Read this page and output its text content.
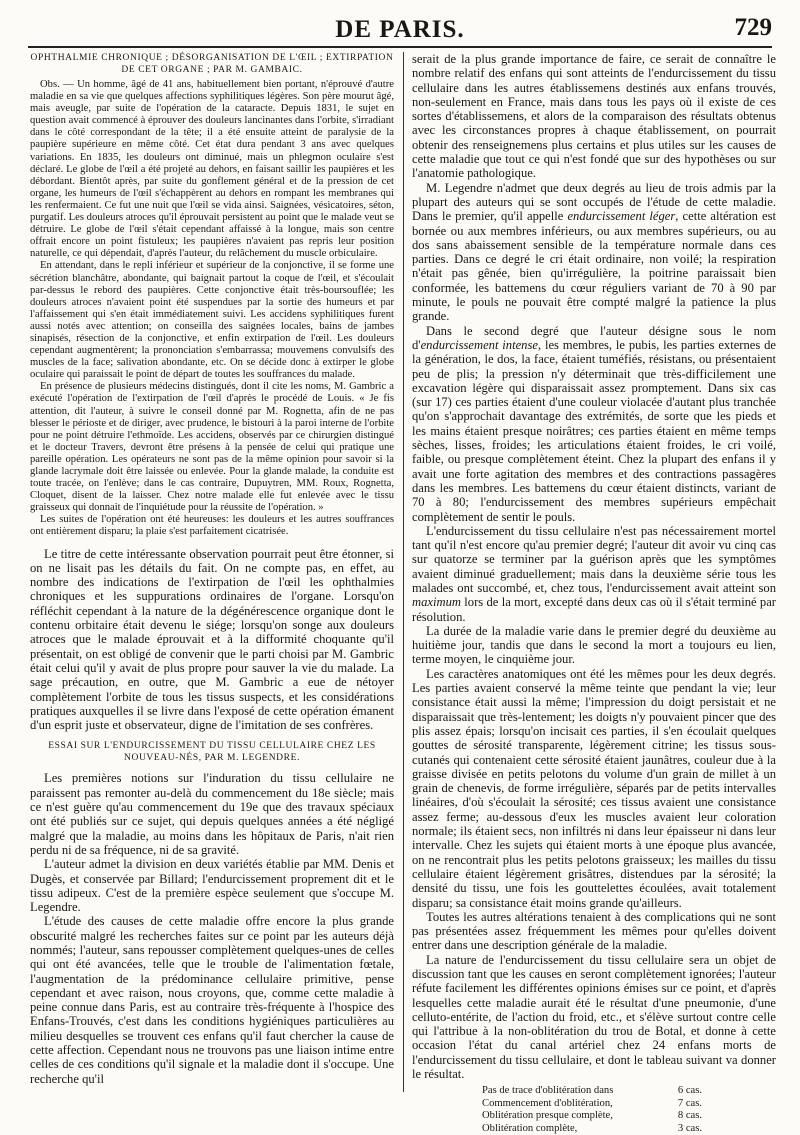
DE PARIS.	729

OPHTHALMIE CHRONIQUE ; DÉSORGANISATION DE L'ŒIL ; EXTIRPATION DE CET ORGANE ; PAR M. GAMBAIC.

Obs. — Un homme, âgé de 41 ans, habituellement bien portant, n'éprouvé d'autre maladie en sa vie que quelques affections syphilitiques légères. Son père mourut âgé, mais aveugle, par suite de l'opération de la cataracte. Depuis 1831, le sujet en question avait commencé à éprouver des douleurs lancinantes dans l'orbite, s'irradiant dans le côté correspondant de la tête; il a été ensuite atteint de paralysie de la paupière supérieure en même côté. Cet état dura pendant 3 ans avec quelques variations. En 1835, les douleurs ont diminué, mais un phlegmon oculaire s'est déclaré. Le globe de l'œil a été projeté au dehors, en faisant saillir les paupières et les débordant. Bientôt après, par suite du gonflement général et de la pression de cet organe, les humeurs de l'œil s'échappèrent au dehors en rompant les membranes qui les renfermaient. Ce fut une nuit que l'œil se vida ainsi. Saignées, vésicatoires, séton, purgatif. Les douleurs atroces qu'il éprouvait persistent au point que le malade veut se détruire. Le globe de l'œil s'était cependant affaissé à la longue, mais son centre offrait encore un point fistuleux; les paupières n'avaient pas repris leur position naturelle, ce qui dépendait, d'après l'auteur, du relâchement du muscle orbiculaire.

En attendant, dans le repli inférieur et supérieur de la conjonctive, il se forme une sécrétion blanchâtre, abondante, qui baignait partout la coque de l'œil, et s'écoulait par-dessus le rebord des paupières. Cette conjonctive était très-boursouflée; les douleurs atroces n'avaient point été suspendues par la sortie des humeurs et par l'affaissement qui s'en était immédiatement suivi. Les accidens syphilitiques furent aussi notés avec attention; on conseilla des saignées locales, bains de jambes sinapisés, résection de la conjonctive, et enfin extirpation de l'œil. Les douleurs cependant augmentèrent; la prononciation s'embarrassa; mouvemens convulsifs des muscles de la face; salivation abondante, etc. On se décide donc à extirper le globe oculaire qui paraissait le point de départ de toutes les souffrances du malade.

En présence de plusieurs médecins distingués, dont il cite les noms, M. Gambric a exécuté l'opération de l'extirpation de l'œil d'après le procédé de Louis. « Je fis attention, dit l'auteur, à suivre le conseil donné par M. Rognetta, afin de ne pas blesser le périoste et de diriger, avec prudence, le bistouri à la paroi interne de l'orbite pour ne point détruire l'ethmoïde. Les accidens, observés par ce chirurgien distingué et le docteur Travers, devront être présens à la pensée de celui qui pratique une pareille opération. Les opérateurs ne sont pas de la même opinion pour savoir si la glande lacrymale doit être laissée ou enlevée. Pour la glande malade, la conduite est toute tracée, on l'enlève; dans le cas contraire, Dupuytren, MM. Roux, Rognetta, Cloquet, disent de la laisser. Chez notre malade elle fut enlevée avec le tissu graisseux qui donnait de l'inquiétude pour la réussite de l'opération. »

Les suites de l'opération ont été heureuses: les douleurs et les autres souffrances ont entièrement disparu; la plaie s'est parfaitement cicatrisée.

Le titre de cette intéressante observation pourrait peut être étonner, si on ne lisait pas les détails du fait. On ne compte pas, en effet, au nombre des indications de l'extirpation de l'œil les ophthalmies chroniques et les suppurations ordinaires de l'organe. Lorsqu'on réfléchit cependant à la nature de la dégénérescence organique dont le contenu orbitaire était devenu le siége; lorsqu'on songe aux douleurs atroces que le malade éprouvait et à la difformité choquante qu'il présentait, on est obligé de convenir que le parti choisi par M. Gambric était celui qu'il y avait de plus propre pour sauver la vie du malade. La sage précaution, en outre, que M. Gambric a eue de nétoyer complètement l'orbite de tous les tissus suspects, et les considérations pratiques auxquelles il se livre dans l'exposé de cette opération émanent d'un esprit juste et observateur, digne de l'imitation de ses confrères.

ESSAI SUR L'ENDURCISSEMENT DU TISSU CELLULAIRE CHEZ LES NOUVEAU-NÉS, PAR M. LEGENDRE.

Les premières notions sur l'induration du tissu cellulaire ne paraissent pas remonter au-delà du commencement du 18e siècle; mais ce n'est guère qu'au commencement du 19e que des travaux spéciaux ont été publiés sur ce sujet, qui depuis quelques années a été négligé malgré que la maladie, au moins dans les hôpitaux de Paris, n'ait rien perdu ni de sa fréquence, ni de sa gravité.

L'auteur admet la division en deux variétés établie par MM. Denis et Dugès, et conservée par Billard; l'endurcissement proprement dit et le tissu adipeux. C'est de la première espèce seulement que s'occupe M. Legendre.

L'étude des causes de cette maladie offre encore la plus grande obscurité malgré les recherches faites sur ce point par les auteurs déjà nommés; l'auteur, sans repousser complètement quelques-unes de celles qui ont été avancées, telle que le trouble de l'alimentation fœtale, l'augmentation de la prédominance cellulaire primitive, pense cependant et avec raison, nous croyons, que, comme cette maladie à peine connue dans Paris, est au contraire très-fréquente à l'hospice des Enfans-Trouvés, c'est dans les conditions hygiéniques particulières au milieu desquelles se trouvent ces enfans qu'il faut chercher la cause de cette affection. Cependant nous ne trouvons pas une liaison intime entre celles de ces conditions qu'il signale et la maladie dont il s'occupe. Une recherche qu'il

serait de la plus grande importance de faire, ce serait de connaître le nombre relatif des enfans qui sont atteints de l'endurcissement du tissu cellulaire dans les autres établissemens destinés aux enfans trouvés, non-seulement en France, mais dans tous les pays où il existe de ces sortes d'établissemens, et alors de la comparaison des résultats obtenus avec les circonstances propres à chaque établissement, on pourrait obtenir des renseignemens plus certains et plus utiles sur les causes de cette maladie que tout ce qui n'est fondé que sur des hypothèses ou sur l'anatomie pathologique.

M. Legendre n'admet que deux degrés au lieu de trois admis par la plupart des auteurs qui se sont occupés de l'étude de cette maladie. Dans le premier, qu'il appelle endurcissement léger, cette altération est bornée ou aux membres inférieurs, ou aux membres supérieurs, ou au dos sans abaissement sensible de la température normale dans ces parties. Dans ce degré le cri était ordinaire, non voilé; la respiration n'était pas gênée, bien qu'irrégulière, la poitrine paraissait bien conformée, les battemens du cœur réguliers variant de 70 à 90 par minute, le pouls ne pouvait être compté malgré la patience la plus grande.

Dans le second degré que l'auteur désigne sous le nom d'endurcissement intense, les membres, le pubis, les parties externes de la génération, le dos, la face, étaient tuméfiés, résistans, ou présentaient peu de plis; la pression n'y déterminait que très-difficilement une excavation légère qui disparaissait assez promptement. Dans six cas (sur 17) ces parties étaient d'une couleur violacée d'autant plus tranchée qu'on s'approchait davantage des extrémités, de sorte que les pieds et les mains étaient presque noirâtres; ces parties étaient en même temps sèches, lisses, froides; les articulations étaient froides, le cri voilé, faible, ou presque complètement éteint. Chez la plupart des enfans il y avait une forte agitation des membres et des contractions passagères dans les membres. Les battemens du cœur étaient distincts, variant de 70 à 80; l'endurcissement des membres supérieurs empêchait complètement de sentir le pouls.

L'endurcissement du tissu cellulaire n'est pas nécessairement mortel tant qu'il n'est encore qu'au premier degré; l'auteur dit avoir vu cinq cas sur quatorze se terminer par la guérison après que les symptômes avaient diminué graduellement; mais dans la deuxième série tous les malades ont succombé, et, chez tous, l'endurcissement avait atteint son maximum lors de la mort, excepté dans deux cas où il s'était terminé par résolution.

La durée de la maladie varie dans le premier degré du deuxième au huitième jour, tandis que dans le second la mort a toujours eu lien, terme moyen, le cinquième jour.

Les caractères anatomiques ont été les mêmes pour les deux degrés. Les parties avaient conservé la même teinte que pendant la vie; leur consistance était aussi la même; l'impression du doigt persistait et ne disparaissait que très-lentement; les doigts n'y pouvaient pincer que des plis assez épais; lorsqu'on incisait ces parties, il s'en écoulait quelques gouttes de sérosité transparente, légèrement citrine; les tissus sous-cutanés qui contenaient cette sérosité étaient jaunâtres, couleur due à la graisse divisée en petits pelotons du volume d'un grain de millet à un grain de chenevis, de forme irrégulière, séparés par de petits intervalles linéaires, d'où s'écoulait la sérosité; ces tissus avaient une consistance assez ferme; au-dessous d'eux les muscles avaient leur coloration normale; ils étaient secs, non infiltrés ni dans leur épaisseur ni dans leur intervalle. Chez les sujets qui étaient morts à une époque plus avancée, on ne rencontrait plus les petits pelotons graisseux; les mailles du tissu cellulaire étaient légèrement grisâtres, distendues par la sérosité; la densité du tissu, une fois les gouttelettes écoulées, avait totalement disparu; sa consistance était moins grande qu'ailleurs.

Toutes les autres altérations tenaient à des complications qui ne sont pas présentées assez fréquemment les mêmes pour qu'elles doivent entrer dans une description générale de la maladie.

La nature de l'endurcissement du tissu cellulaire sera un objet de discussion tant que les causes en seront complètement ignorées; l'auteur réfute facilement les différentes opinions émises sur ce point, et d'après lesquelles cette maladie aurait été le résultat d'une pneumonie, d'une celluto-entérite, de l'action du froid, etc., et s'élève surtout contre celle qui l'attribue à la non-oblitération du trou de Botal, et donne à cette occasion l'état du canal artériel chez 24 enfans morts de l'endurcissement du tissu cellulaire, et dont le tableau suivant va donner le résultat.

Pas de trace d'oblitération dans	6 cas.
Commencement d'oblitération,	7 cas.
Oblitération presque complète,	8 cas.
Oblitération complète,	3 cas.
